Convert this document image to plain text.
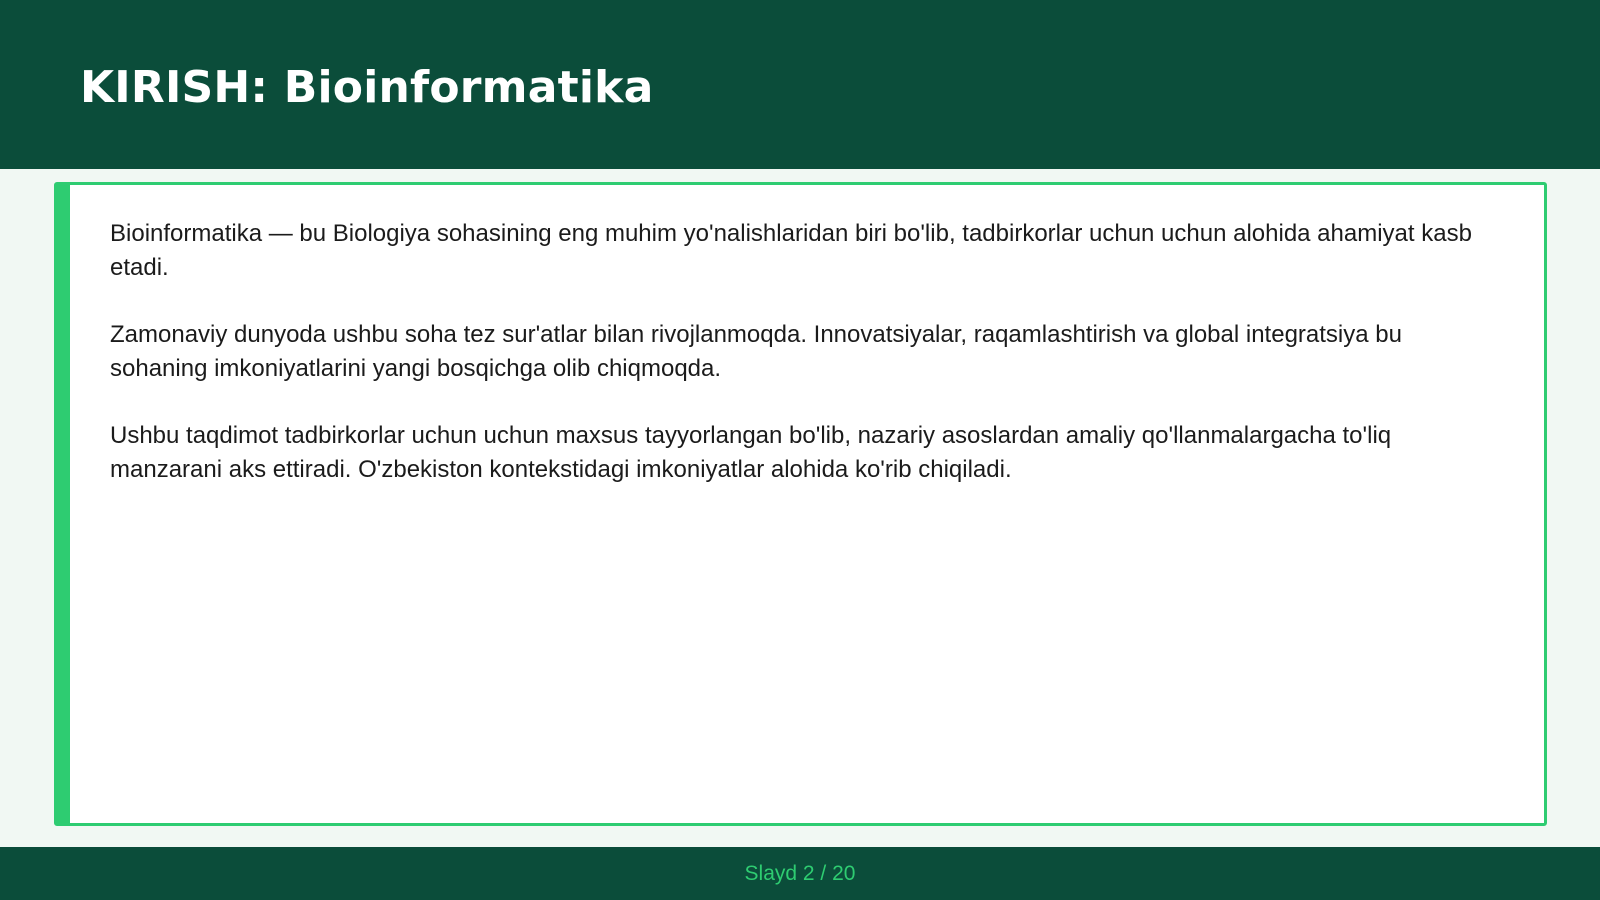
KIRISH: Bioinformatika

Bioinformatika — bu Biologiya sohasining eng muhim yo'nalishlaridan biri bo'lib, tadbirkorlar uchun uchun alohida ahamiyat kasb etadi.

Zamonaviy dunyoda ushbu soha tez sur'atlar bilan rivojlanmoqda. Innovatsiyalar, raqamlashtirish va global integratsiya bu sohaning imkoniyatlarini yangi bosqichga olib chiqmoqda.

Ushbu taqdimot tadbirkorlar uchun uchun maxsus tayyorlangan bo'lib, nazariy asoslardan amaliy qo'llanmalargacha to'liq manzarani aks ettiradi. O'zbekiston kontekstidagi imkoniyatlar alohida ko'rib chiqiladi.

Slayd 2 / 20
